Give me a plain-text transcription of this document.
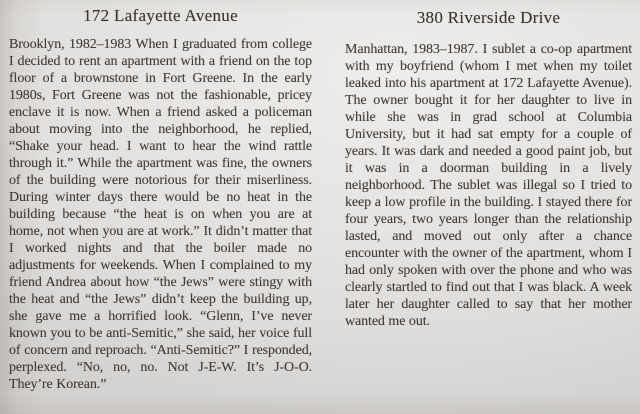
172 Lafayette Avenue
Brooklyn, 1982–1983 When I graduated from college I decided to rent an apartment with a friend on the top floor of a brownstone in Fort Greene. In the early 1980s, Fort Greene was not the fashionable, pricey enclave it is now. When a friend asked a policeman about moving into the neighborhood, he replied, “Shake your head. I want to hear the wind rattle through it.” While the apartment was fine, the owners of the building were notorious for their miserliness. During winter days there would be no heat in the building because “the heat is on when you are at home, not when you are at work.” It didn’t matter that I worked nights and that the boiler made no adjustments for weekends. When I complained to my friend Andrea about how “the Jews” were stingy with the heat and “the Jews” didn’t keep the building up, she gave me a horrified look. “Glenn, I’ve never known you to be anti-Semitic,” she said, her voice full of concern and reproach. “Anti-Semitic?” I responded, perplexed. “No, no, no. Not J-E-W. It’s J-O-O. They’re Korean.”
380 Riverside Drive
Manhattan, 1983–1987. I sublet a co-op apartment with my boyfriend (whom I met when my toilet leaked into his apartment at 172 Lafayette Avenue). The owner bought it for her daughter to live in while she was in grad school at Columbia University, but it had sat empty for a couple of years. It was dark and needed a good paint job, but it was in a doorman building in a lively neighborhood. The sublet was illegal so I tried to keep a low profile in the building. I stayed there for four years, two years longer than the relationship lasted, and moved out only after a chance encounter with the owner of the apartment, whom I had only spoken with over the phone and who was clearly startled to find out that I was black. A week later her daughter called to say that her mother wanted me out.
